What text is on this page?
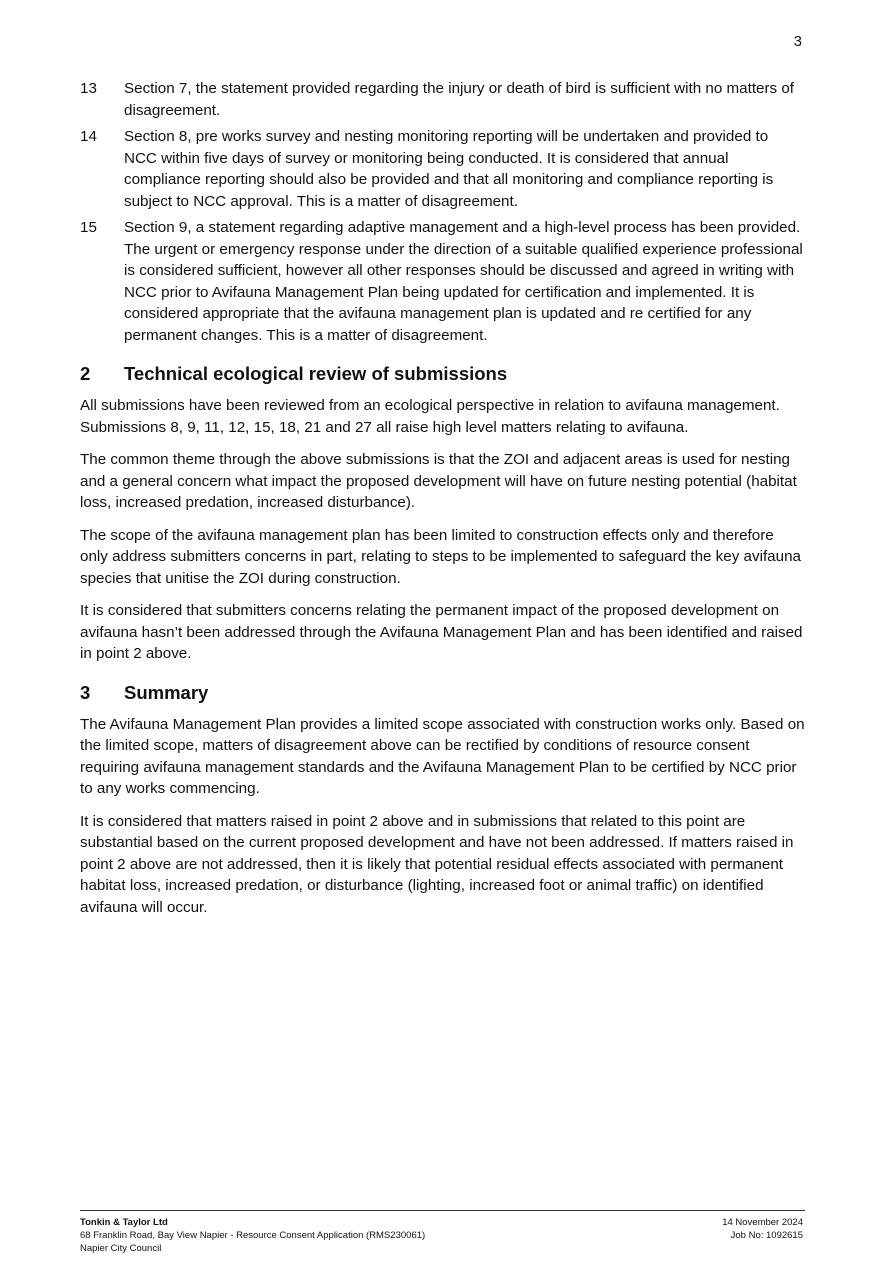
3
13	Section 7, the statement provided regarding the injury or death of bird is sufficient with no matters of disagreement.
14	Section 8, pre works survey and nesting monitoring reporting will be undertaken and provided to NCC within five days of survey or monitoring being conducted. It is considered that annual compliance reporting should also be provided and that all monitoring and compliance reporting is subject to NCC approval. This is a matter of disagreement.
15	Section 9, a statement regarding adaptive management and a high-level process has been provided. The urgent or emergency response under the direction of a suitable qualified experience professional is considered sufficient, however all other responses should be discussed and agreed in writing with NCC prior to Avifauna Management Plan being updated for certification and implemented. It is considered appropriate that the avifauna management plan is updated and re certified for any permanent changes. This is a matter of disagreement.
2	Technical ecological review of submissions

All submissions have been reviewed from an ecological perspective in relation to avifauna management. Submissions 8, 9, 11, 12, 15, 18, 21 and 27 all raise high level matters relating to avifauna.

The common theme through the above submissions is that the ZOI and adjacent areas is used for nesting and a general concern what impact the proposed development will have on future nesting potential (habitat loss, increased predation, increased disturbance).

The scope of the avifauna management plan has been limited to construction effects only and therefore only address submitters concerns in part, relating to steps to be implemented to safeguard the key avifauna species that unitise the ZOI during construction.

It is considered that submitters concerns relating the permanent impact of the proposed development on avifauna hasn’t been addressed through the Avifauna Management Plan and has been identified and raised in point 2 above.

3	Summary

The Avifauna Management Plan provides a limited scope associated with construction works only. Based on the limited scope, matters of disagreement above can be rectified by conditions of resource consent requiring avifauna management standards and the Avifauna Management Plan to be certified by NCC prior to any works commencing.

It is considered that matters raised in point 2 above and in submissions that related to this point are substantial based on the current proposed development and have not been addressed. If matters raised in point 2 above are not addressed, then it is likely that potential residual effects associated with permanent habitat loss, increased predation, or disturbance (lighting, increased foot or animal traffic) on identified avifauna will occur.

Tonkin & Taylor Ltd
68 Franklin Road, Bay View Napier - Resource Consent Application (RMS230061)
Napier City Council
14 November 2024
Job No: 1092615
